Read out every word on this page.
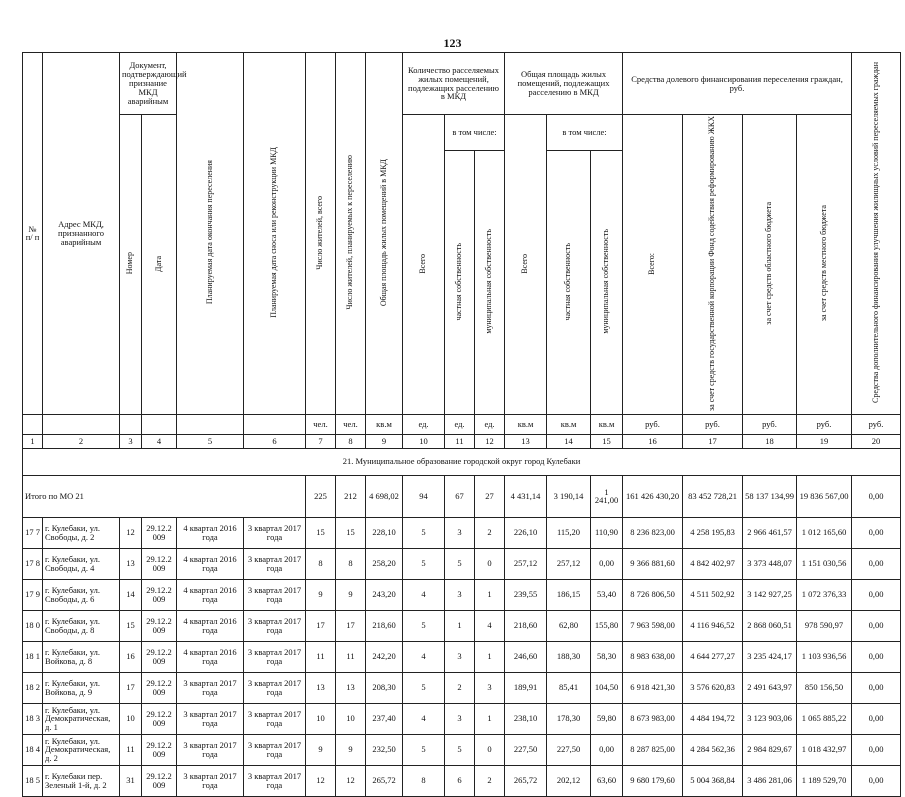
123
№ п/ п	Адрес МКД, признанного аварийным	Документ, подтверждающий признание МКД аварийным		Планируемая дата окончания переселения	Планируемая дата сноса или реконструкции МКД	Число жителей, всего	Число жителей, планируемых к переселению	Общая площадь жилых помещений в МКД	Количество расселяемых жилых помещений, подлежащих расселению в МКД			Общая площадь жилых помещений, подлежащих расселению в МКД			Средства долевого финансирования переселения граждан, руб.				Средства дополнительного финансирования улучшения жилищных условий переселяемых граждан
		Номер	Дата						Всего	в том числе:		Всего	в том числе:		Всего:	за счет средств государственной корпорации Фонд содействия реформированию ЖКХ	за счет средств областного бюджета	за счет средств местного бюджета	
										частная собственность	муниципальная собственность		частная собственность	муниципальная собственность					
						чел.	чел.	кв.м	ед.	ед.	ед.	кв.м	кв.м	кв.м	руб.	руб.	руб.	руб.	руб.
1	2	3	4	5	6	7	8	9	10	11	12	13	14	15	16	17	18	19	20
21. Муниципальное образование городской округ город Кулебаки																			
Итого по МО 21						225	212	4 698,02	94	67	27	4 431,14	3 190,14	1 241,00	161 426 430,20	83 452 728,21	58 137 134,99	19 836 567,00	0,00
17 7	г. Кулебаки, ул. Свободы, д. 2	12	29.12.2 009	4 квартал 2016 года	3 квартал 2017 года	15	15	228,10	5	3	2	226,10	115,20	110,90	8 236 823,00	4 258 195,83	2 966 461,57	1 012 165,60	0,00
17 8	г. Кулебаки, ул. Свободы, д. 4	13	29.12.2 009	4 квартал 2016 года	3 квартал 2017 года	8	8	258,20	5	5	0	257,12	257,12	0,00	9 366 881,60	4 842 402,97	3 373 448,07	1 151 030,56	0,00
17 9	г. Кулебаки, ул. Свободы, д. 6	14	29.12.2 009	4 квартал 2016 года	3 квартал 2017 года	9	9	243,20	4	3	1	239,55	186,15	53,40	8 726 806,50	4 511 502,92	3 142 927,25	1 072 376,33	0,00
18 0	г. Кулебаки, ул. Свободы, д. 8	15	29.12.2 009	4 квартал 2016 года	3 квартал 2017 года	17	17	218,60	5	1	4	218,60	62,80	155,80	7 963 598,00	4 116 946,52	2 868 060,51	978 590,97	0,00
18 1	г. Кулебаки, ул. Войкова, д. 8	16	29.12.2 009	4 квартал 2016 года	3 квартал 2017 года	11	11	242,20	4	3	1	246,60	188,30	58,30	8 983 638,00	4 644 277,27	3 235 424,17	1 103 936,56	0,00
18 2	г. Кулебаки, ул. Войкова, д. 9	17	29.12.2 009	3 квартал 2017 года	3 квартал 2017 года	13	13	208,30	5	2	3	189,91	85,41	104,50	6 918 421,30	3 576 620,83	2 491 643,97	850 156,50	0,00
18 3	г. Кулебаки, ул. Демократическая, д. 1	10	29.12.2 009	3 квартал 2017 года	3 квартал 2017 года	10	10	237,40	4	3	1	238,10	178,30	59,80	8 673 983,00	4 484 194,72	3 123 903,06	1 065 885,22	0,00
18 4	г. Кулебаки, ул. Демократическая, д. 2	11	29.12.2 009	3 квартал 2017 года	3 квартал 2017 года	9	9	232,50	5	5	0	227,50	227,50	0,00	8 287 825,00	4 284 562,36	2 984 829,67	1 018 432,97	0,00
18 5	г. Кулебаки пер. Зеленый 1-й, д. 2	31	29.12.2 009	3 квартал 2017 года	3 квартал 2017 года	12	12	265,72	8	6	2	265,72	202,12	63,60	9 680 179,60	5 004 368,84	3 486 281,06	1 189 529,70	0,00
